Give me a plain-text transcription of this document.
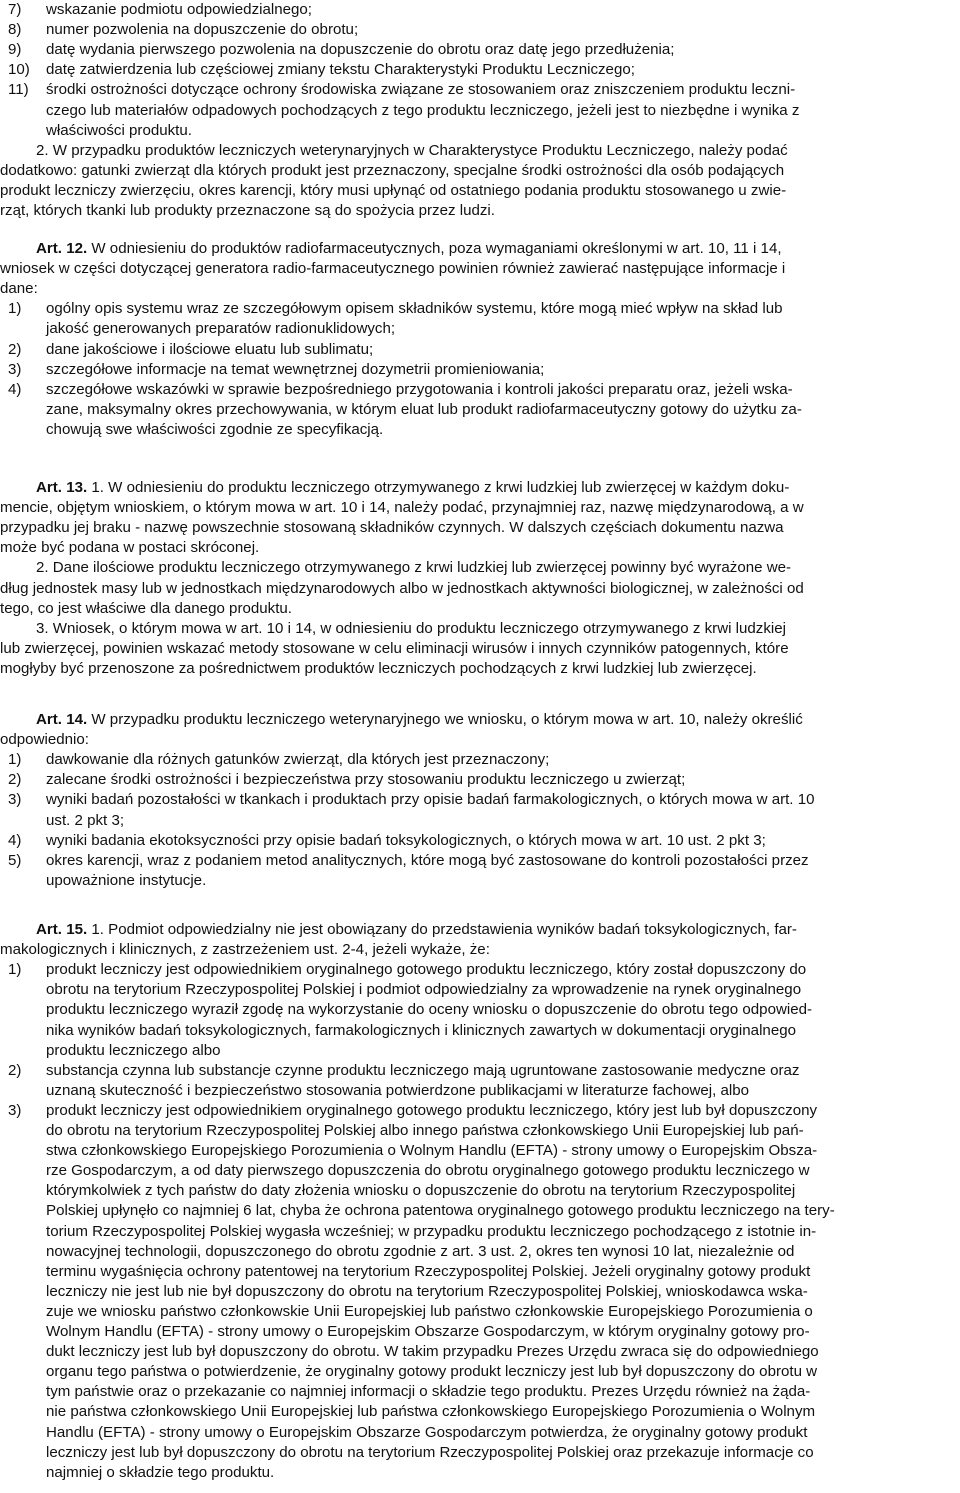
wskazanie podmiotu odpowiedzialnego;
7)
numer pozwolenia na dopuszczenie do obrotu;
8)
datę wydania pierwszego pozwolenia na dopuszczenie do obrotu oraz datę jego przedłużenia;
9)
datę zatwierdzenia lub częściowej zmiany tekstu Charakterystyki Produktu Leczniczego;
10)
środki ostrożności dotyczące ochrony środowiska związane ze stosowaniem oraz zniszczeniem produktu leczni-
11)
czego lub materiałów odpadowych pochodzących z tego produktu leczniczego, jeżeli jest to niezbędne i wynika z
właściwości produktu.
2. W przypadku produktów leczniczych weterynaryjnych w Charakterystyce Produktu Leczniczego, należy podać
dodatkowo: gatunki zwierząt dla których produkt jest przeznaczony, specjalne środki ostrożności dla osób podających
produkt leczniczy zwierzęciu, okres karencji, który musi upłynąć od ostatniego podania produktu stosowanego u zwie-
rząt, których tkanki lub produkty przeznaczone są do spożycia przez ludzi.
Art. 12. W odniesieniu do produktów radiofarmaceutycznych, poza wymaganiami określonymi w art. 10, 11 i 14,
wniosek w części dotyczącej generatora radio-farmaceutycznego powinien również zawierać następujące informacje i
dane:
ogólny opis systemu wraz ze szczegółowym opisem składników systemu, które mogą mieć wpływ na skład lub
1)
jakość generowanych preparatów radionuklidowych;
dane jakościowe i ilościowe eluatu lub sublimatu;
2)
szczegółowe informacje na temat wewnętrznej dozymetrii promieniowania;
3)
szczegółowe wskazówki w sprawie bezpośredniego przygotowania i kontroli jakości preparatu oraz, jeżeli wska-
4)
zane, maksymalny okres przechowywania, w którym eluat lub produkt radiofarmaceutyczny gotowy do użytku za-
chowują swe właściwości zgodnie ze specyfikacją.
Art. 13. 1. W odniesieniu do produktu leczniczego otrzymywanego z krwi ludzkiej lub zwierzęcej w każdym doku-
mencie, objętym wnioskiem, o którym mowa w art. 10 i 14, należy podać, przynajmniej raz, nazwę międzynarodową, a w
przypadku jej braku - nazwę powszechnie stosowaną składników czynnych. W dalszych częściach dokumentu nazwa
może być podana w postaci skróconej.
2. Dane ilościowe produktu leczniczego otrzymywanego z krwi ludzkiej lub zwierzęcej powinny być wyrażone we-
dług jednostek masy lub w jednostkach międzynarodowych albo w jednostkach aktywności biologicznej, w zależności od
tego, co jest właściwe dla danego produktu.
3. Wniosek, o którym mowa w art. 10 i 14, w odniesieniu do produktu leczniczego otrzymywanego z krwi ludzkiej
lub zwierzęcej, powinien wskazać metody stosowane w celu eliminacji wirusów i innych czynników patogennych, które
mogłyby być przenoszone za pośrednictwem produktów leczniczych pochodzących z krwi ludzkiej lub zwierzęcej.
Art. 14. W przypadku produktu leczniczego weterynaryjnego we wniosku, o którym mowa w art. 10, należy określić
odpowiednio:
dawkowanie dla różnych gatunków zwierząt, dla których jest przeznaczony;
1)
zalecane środki ostrożności i bezpieczeństwa przy stosowaniu produktu leczniczego u zwierząt;
2)
wyniki badań pozostałości w tkankach i produktach przy opisie badań farmakologicznych, o których mowa w art. 10
3)
ust. 2 pkt 3;
wyniki badania ekotoksyczności przy opisie badań toksykologicznych, o których mowa w art. 10 ust. 2 pkt 3;
4)
okres karencji, wraz z podaniem metod analitycznych, które mogą być zastosowane do kontroli pozostałości przez
5)
upoważnione instytucje.
Art. 15. 1. Podmiot odpowiedzialny nie jest obowiązany do przedstawienia wyników badań toksykologicznych, far-
makologicznych i klinicznych, z zastrzeżeniem ust. 2-4, jeżeli wykaże, że:
produkt leczniczy jest odpowiednikiem oryginalnego gotowego produktu leczniczego, który został dopuszczony do
1)
obrotu na terytorium Rzeczypospolitej Polskiej i podmiot odpowiedzialny za wprowadzenie na rynek oryginalnego
produktu leczniczego wyraził zgodę na wykorzystanie do oceny wniosku o dopuszczenie do obrotu tego odpowied-
nika wyników badań toksykologicznych, farmakologicznych i klinicznych zawartych w dokumentacji oryginalnego
produktu leczniczego albo
substancja czynna lub substancje czynne produktu leczniczego mają ugruntowane zastosowanie medyczne oraz
2)
uznaną skuteczność i bezpieczeństwo stosowania potwierdzone publikacjami w literaturze fachowej, albo
produkt leczniczy jest odpowiednikiem oryginalnego gotowego produktu leczniczego, który jest lub był dopuszczony
3)
do obrotu na terytorium Rzeczypospolitej Polskiej albo innego państwa członkowskiego Unii Europejskiej lub pań-
stwa członkowskiego Europejskiego Porozumienia o Wolnym Handlu (EFTA) - strony umowy o Europejskim Obsza-
rze Gospodarczym, a od daty pierwszego dopuszczenia do obrotu oryginalnego gotowego produktu leczniczego w
którymkolwiek z tych państw do daty złożenia wniosku o dopuszczenie do obrotu na terytorium Rzeczypospolitej
Polskiej upłynęło co najmniej 6 lat, chyba że ochrona patentowa oryginalnego gotowego produktu leczniczego na tery-
torium Rzeczypospolitej Polskiej wygasła wcześniej; w przypadku produktu leczniczego pochodzącego z istotnie in-
nowacyjnej technologii, dopuszczonego do obrotu zgodnie z art. 3 ust. 2, okres ten wynosi 10 lat, niezależnie od
terminu wygaśnięcia ochrony patentowej na terytorium Rzeczypospolitej Polskiej. Jeżeli oryginalny gotowy produkt
leczniczy nie jest lub nie był dopuszczony do obrotu na terytorium Rzeczypospolitej Polskiej, wnioskodawca wska-
zuje we wniosku państwo członkowskie Unii Europejskiej lub państwo członkowskie Europejskiego Porozumienia o
Wolnym Handlu (EFTA) - strony umowy o Europejskim Obszarze Gospodarczym, w którym oryginalny gotowy pro-
dukt leczniczy jest lub był dopuszczony do obrotu. W takim przypadku Prezes Urzędu zwraca się do odpowiedniego
organu tego państwa o potwierdzenie, że oryginalny gotowy produkt leczniczy jest lub był dopuszczony do obrotu w
tym państwie oraz o przekazanie co najmniej informacji o składzie tego produktu. Prezes Urzędu również na żąda-
nie państwa członkowskiego Unii Europejskiej lub państwa członkowskiego Europejskiego Porozumienia o Wolnym
Handlu (EFTA) - strony umowy o Europejskim Obszarze Gospodarczym potwierdza, że oryginalny gotowy produkt
leczniczy jest lub był dopuszczony do obrotu na terytorium Rzeczypospolitej Polskiej oraz przekazuje informacje co
najmniej o składzie tego produktu.
